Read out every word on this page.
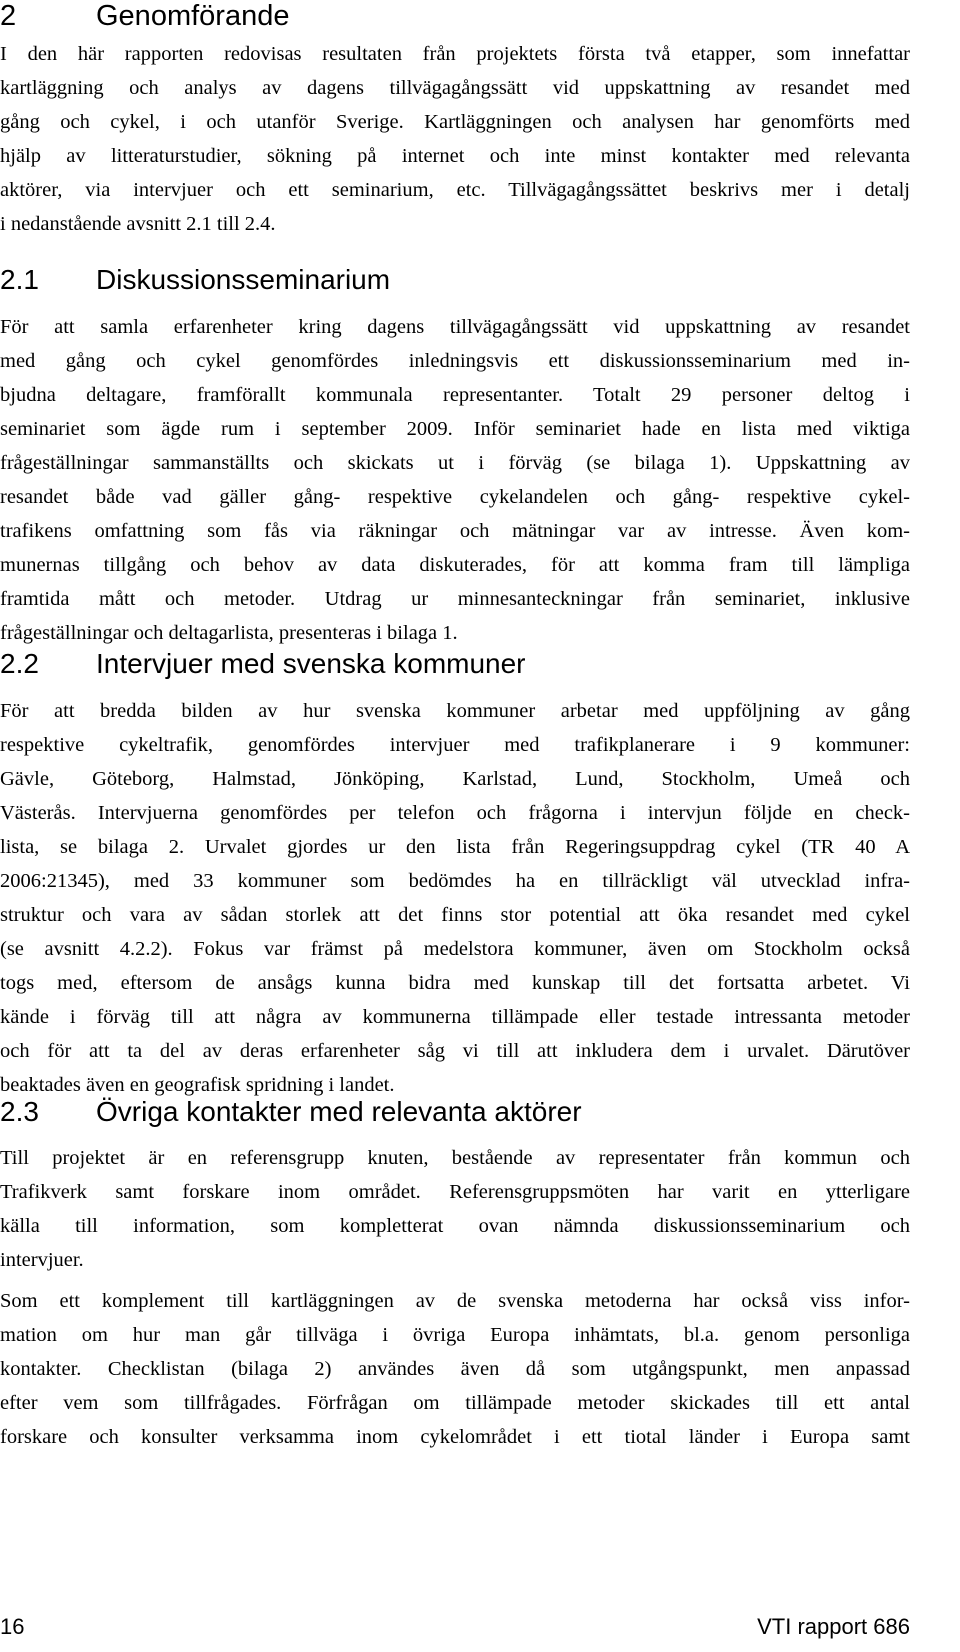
2	Genomförande
I den här rapporten redovisas resultaten från projektets första två etapper, som innefattar
kartläggning och analys av dagens tillvägagångssätt vid uppskattning av resandet med
gång och cykel, i och utanför Sverige. Kartläggningen och analysen har genomförts med
hjälp av litteraturstudier, sökning på internet och inte minst kontakter med relevanta
aktörer, via intervjuer och ett seminarium, etc. Tillvägagångssättet beskrivs mer i detalj
i nedanstående avsnitt 2.1 till 2.4.
2.1 Diskussionsseminarium
För att samla erfarenheter kring dagens tillvägagångssätt vid uppskattning av resandet
med gång och cykel genomfördes inledningsvis ett diskussionsseminarium med in-
bjudna deltagare, framförallt kommunala representanter. Totalt 29 personer deltog i
seminariet som ägde rum i september 2009. Inför seminariet hade en lista med viktiga
frågeställningar sammanställts och skickats ut i förväg (se bilaga 1). Uppskattning av
resandet både vad gäller gång- respektive cykelandelen och gång- respektive cykel-
trafikens omfattning som fås via räkningar och mätningar var av intresse. Även kom-
munernas tillgång och behov av data diskuterades, för att komma fram till lämpliga
framtida mått och metoder. Utdrag ur minnesanteckningar från seminariet, inklusive
frågeställningar och deltagarlista, presenteras i bilaga 1.
2.2 Intervjuer med svenska kommuner
För att bredda bilden av hur svenska kommuner arbetar med uppföljning av gång
respektive cykeltrafik, genomfördes intervjuer med trafikplanerare i 9 kommuner:
Gävle, Göteborg, Halmstad, Jönköping, Karlstad, Lund, Stockholm, Umeå och
Västerås. Intervjuerna genomfördes per telefon och frågorna i intervjun följde en check-
lista, se bilaga 2. Urvalet gjordes ur den lista från Regeringsuppdrag cykel (TR 40 A
2006:21345), med 33 kommuner som bedömdes ha en tillräckligt väl utvecklad infra-
struktur och vara av sådan storlek att det finns stor potential att öka resandet med cykel
(se avsnitt 4.2.2). Fokus var främst på medelstora kommuner, även om Stockholm också
togs med, eftersom de ansågs kunna bidra med kunskap till det fortsatta arbetet. Vi
kände i förväg till att några av kommunerna tillämpade eller testade intressanta metoder
och för att ta del av deras erfarenheter såg vi till att inkludera dem i urvalet. Därutöver
beaktades även en geografisk spridning i landet.
2.3 Övriga kontakter med relevanta aktörer
Till projektet är en referensgrupp knuten, bestående av representater från kommun och
Trafikverk samt forskare inom området. Referensgruppsmöten har varit en ytterligare
källa till information, som kompletterat ovan nämnda diskussionsseminarium och
intervjuer.
Som ett komplement till kartläggningen av de svenska metoderna har också viss infor-
mation om hur man går tillväga i övriga Europa inhämtats, bl.a. genom personliga
kontakter. Checklistan (bilaga 2) användes även då som utgångspunkt, men anpassad
efter vem som tillfrågades. Förfrågan om tillämpade metoder skickades till ett antal
forskare och konsulter verksamma inom cykelområdet i ett tiotal länder i Europa samt
16	VTI rapport 686
